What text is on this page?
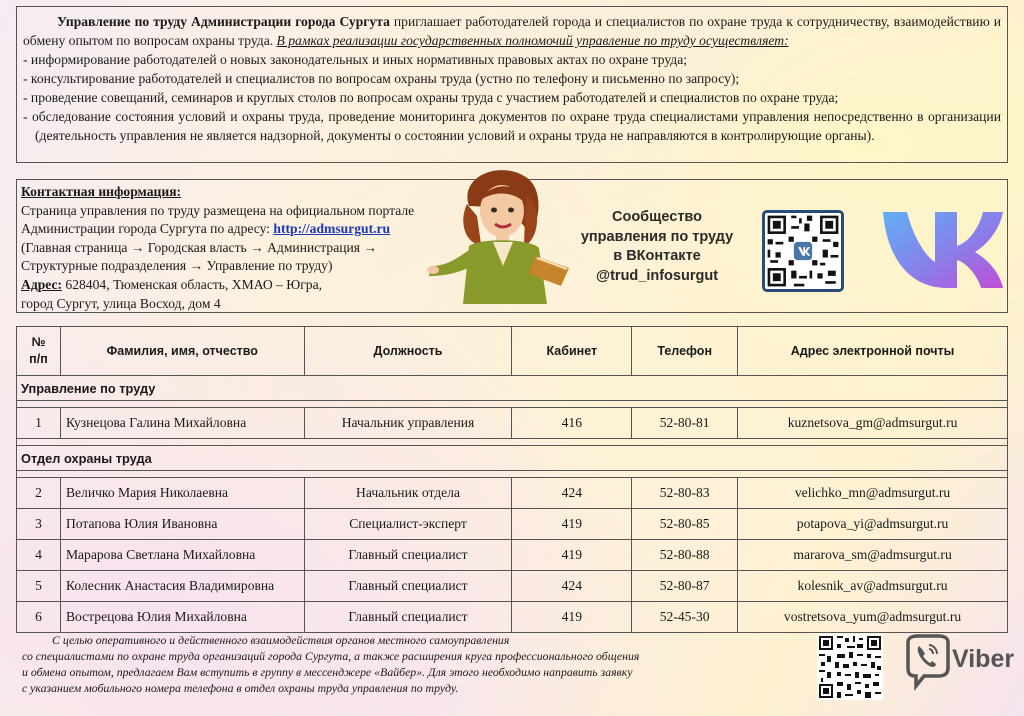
Управление по труду Администрации города Сургута приглашает работодателей города и специалистов по охране труда к сотрудничеству, взаимодействию и обмену опытом по вопросам охраны труда. В рамках реализации государственных полномочий управление по труду осуществляет:

- информирование работодателей о новых законодательных и иных нормативных правовых актах по охране труда;

- консультирование работодателей и специалистов по вопросам охраны труда (устно по телефону и письменно по запросу);

- проведение совещаний, семинаров и круглых столов по вопросам охраны труда с участием работодателей и специалистов по охране труда;

- обследование состояния условий и охраны труда, проведение мониторинга документов по охране труда специалистами управления непосредственно в организации (деятельность управления не является надзорной, документы о состоянии условий и охраны труда не направляются в контролирующие органы).

Контактная информация:
Страница управления по труду размещена на официальном портале
Администрации города Сургута по адресу: http://admsurgut.ru
(Главная страница → Городская власть → Администрация →
Структурные подразделения → Управление по труду)
Адрес: 628404, Тюменская область, ХМАО – Югра,
город Сургут, улица Восход, дом 4
Сообщество
управления по труду
в ВКонтакте
@trud_infosurgut
№
п/п	Фамилия, имя, отчество	Должность	Кабинет	Телефон	Адрес электронной почты
Управление по труду					

1	Кузнецова Галина Михайловна	Начальник управления	416	52-80-81	kuznetsova_gm@admsurgut.ru

Отдел охраны труда					

2	Величко Мария Николаевна	Начальник отдела	424	52-80-83	velichko_mn@admsurgut.ru
3	Потапова Юлия Ивановна	Специалист-эксперт	419	52-80-85	potapova_yi@admsurgut.ru
4	Марарова Светлана Михайловна	Главный специалист	419	52-80-88	mararova_sm@admsurgut.ru
5	Колесник Анастасия Владимировна	Главный специалист	424	52-80-87	kolesnik_av@admsurgut.ru
6	Вострецова Юлия Михайловна	Главный специалист	419	52-45-30	vostretsova_yum@admsurgut.ru
С целью оперативного и действенного взаимодействия органов местного самоуправления
со специалистами по охране труда организаций города Сургута, а также расширения круга профессионального общения
и обмена опытом, предлагаем Вам вступить в группу в мессенджере «Вайбер». Для этого необходимо направить заявку
с указанием мобильного номера телефона в отдел охраны труда управления по труду.
Viber
